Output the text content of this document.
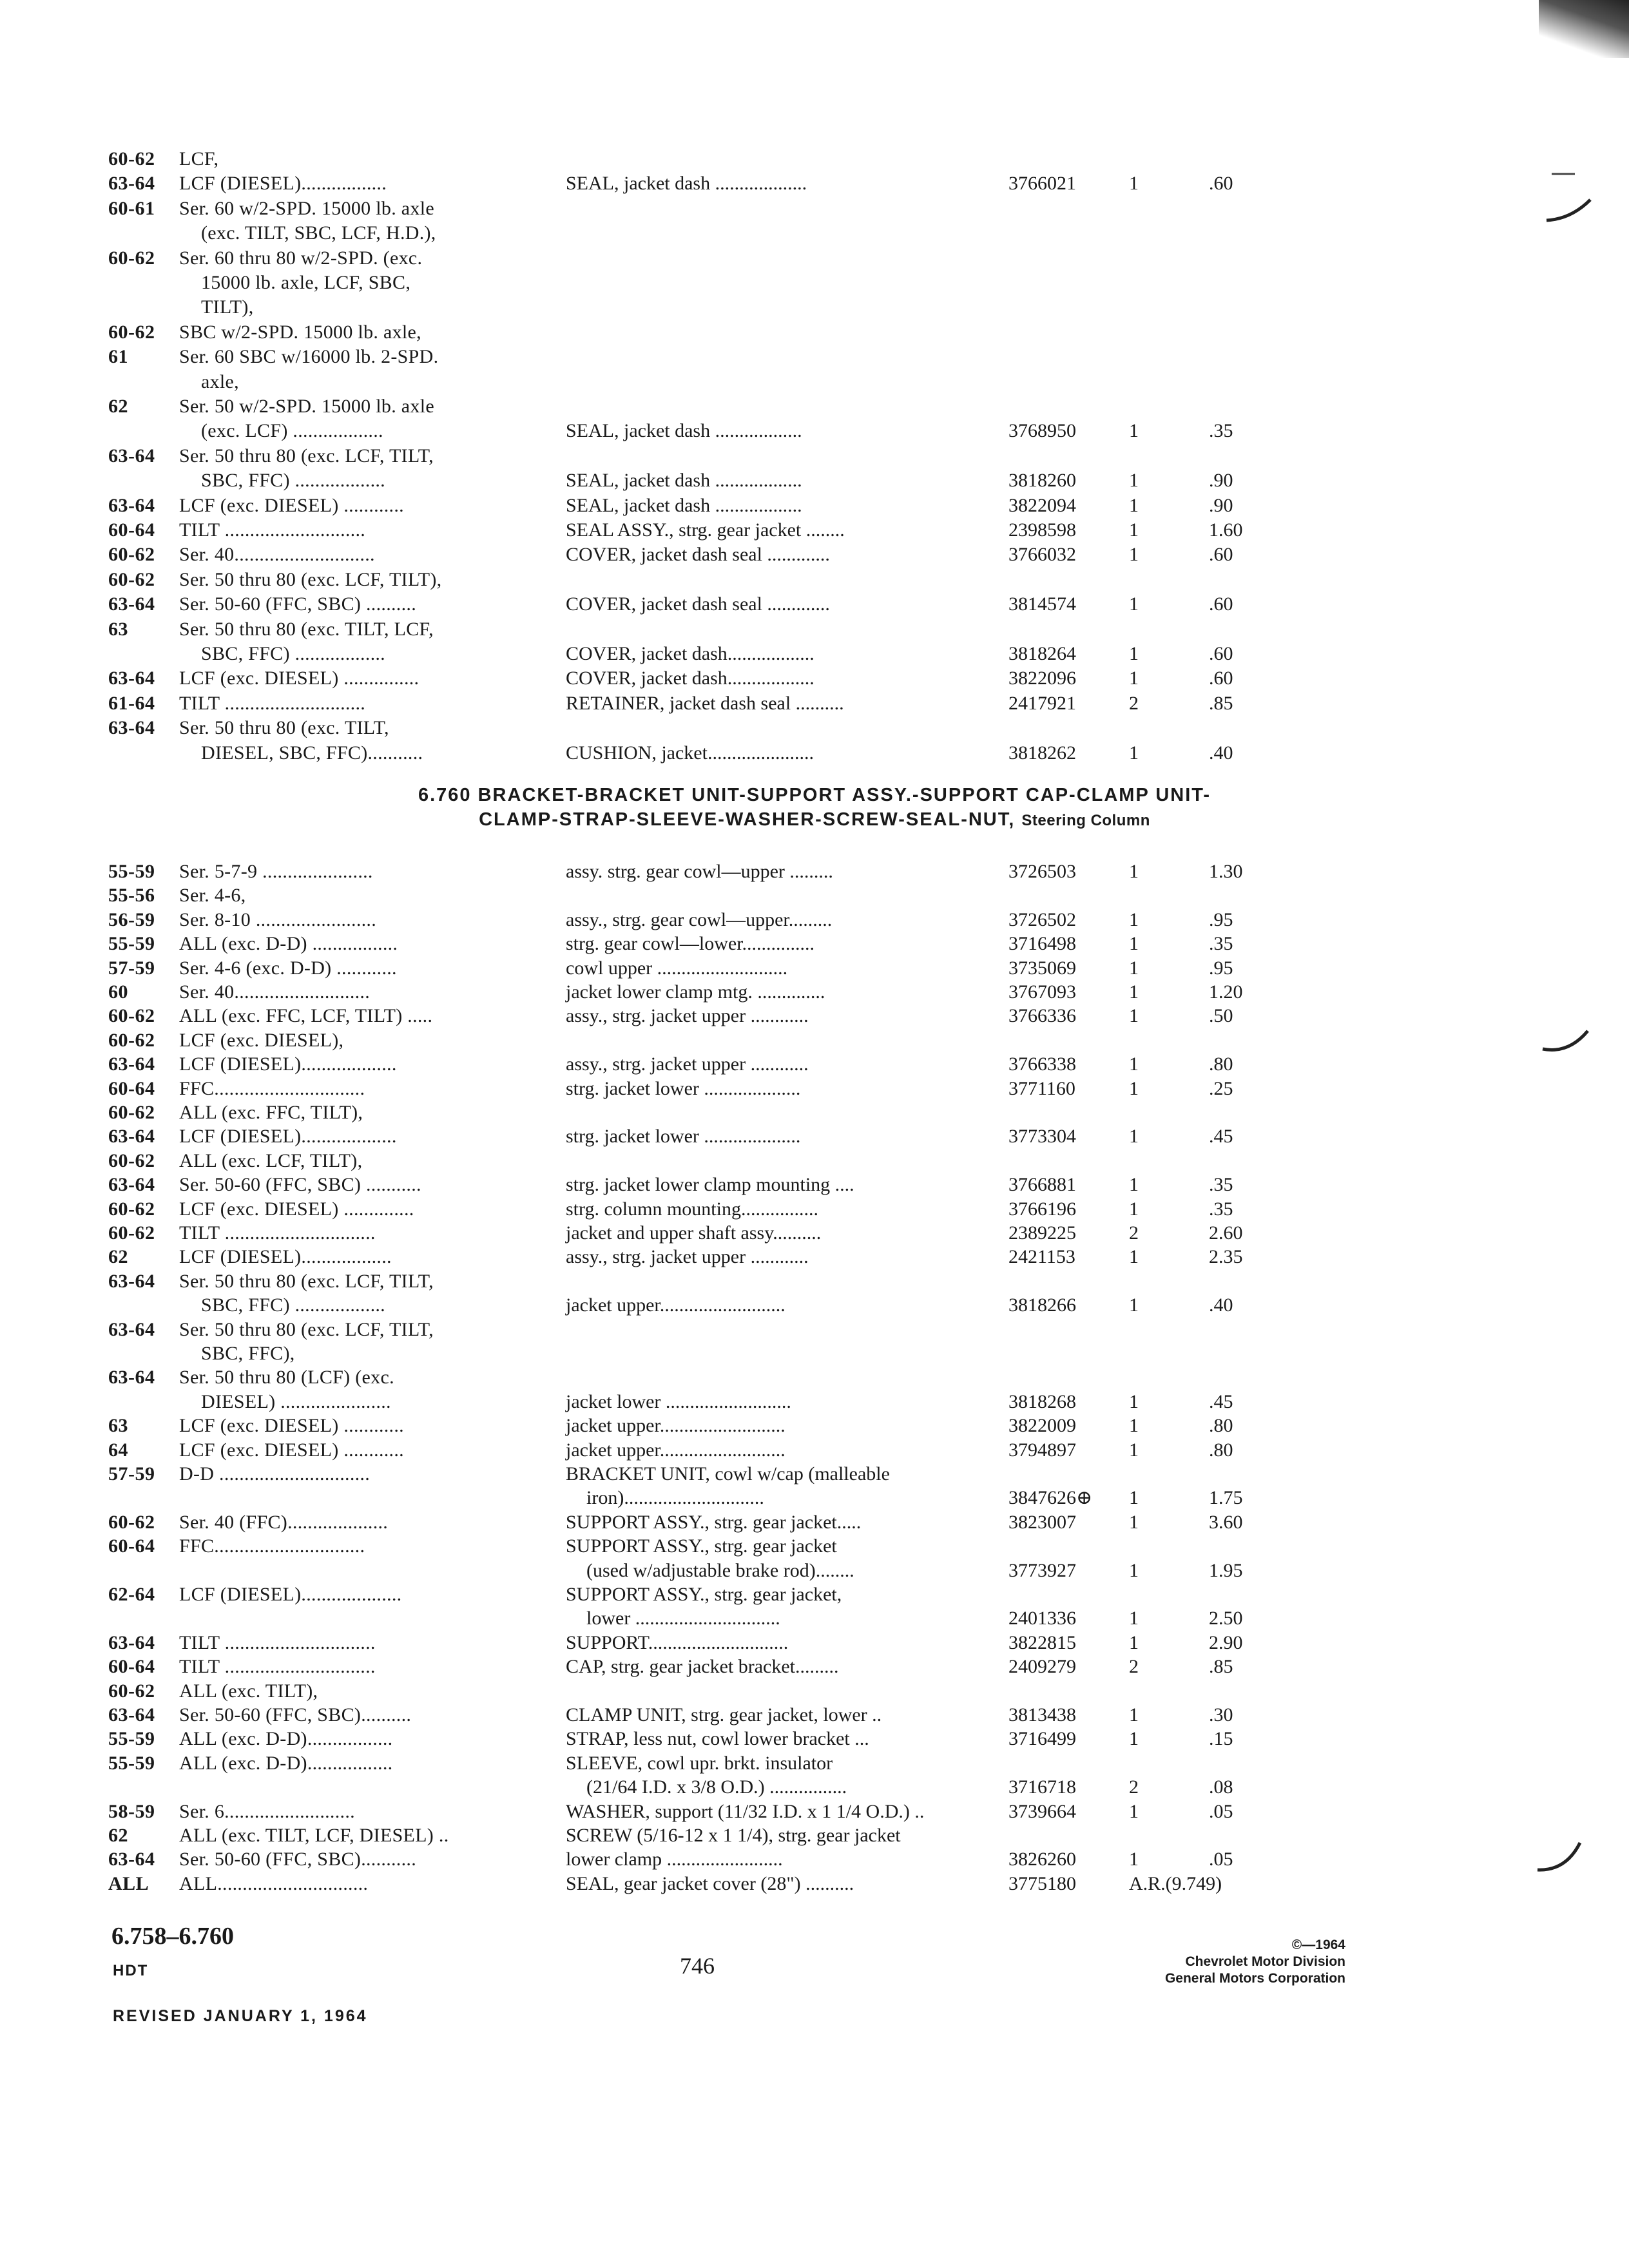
60-62 LCF,
63-64 LCF (DIESEL).................	SEAL, jacket dash ...................	3766021	1	.60
60-61 Ser. 60 w/2-SPD. 15000 lb. axle
(exc. TILT, SBC, LCF, H.D.),
60-62 Ser. 60 thru 80 w/2-SPD. (exc.
15000 lb. axle, LCF, SBC,
TILT),
60-62 SBC w/2-SPD. 15000 lb. axle,
61	Ser. 60 SBC w/16000 lb. 2-SPD.
axle,
62	Ser. 50 w/2-SPD. 15000 lb. axle
(exc. LCF) ..................	SEAL, jacket dash ..................	3768950	1	.35
63-64 Ser. 50 thru 80 (exc. LCF, TILT,
SBC, FFC) ..................	SEAL, jacket dash ..................	3818260	1	.90
63-64 LCF (exc. DIESEL) ............	SEAL, jacket dash ..................	3822094	1	.90
60-64 TILT ............................	SEAL ASSY., strg. gear jacket ........	2398598	1	1.60
60-62 Ser. 40............................	COVER, jacket dash seal .............	3766032	1	.60
60-62 Ser. 50 thru 80 (exc. LCF, TILT),
63-64 Ser. 50-60 (FFC, SBC) ..........	COVER, jacket dash seal .............	3814574	1	.60
63	Ser. 50 thru 80 (exc. TILT, LCF,
SBC, FFC) ..................	COVER, jacket dash..................	3818264	1	.60
63-64 LCF (exc. DIESEL) ...............	COVER, jacket dash..................	3822096	1	.60
61-64 TILT ............................	RETAINER, jacket dash seal ..........	2417921	2	.85
63-64 Ser. 50 thru 80 (exc. TILT,
DIESEL, SBC, FFC)...........	CUSHION, jacket......................	3818262	1	.40
6.760 BRACKET-BRACKET UNIT-SUPPORT ASSY.-SUPPORT CAP-CLAMP UNIT-
CLAMP-STRAP-SLEEVE-WASHER-SCREW-SEAL-NUT, Steering Column
55-59 Ser. 5-7-9 ......................	assy. strg. gear cowl—upper .........	3726503	1	1.30
55-56 Ser. 4-6,
56-59 Ser. 8-10 ........................	assy., strg. gear cowl—upper.........	3726502	1	.95
55-59 ALL (exc. D-D) .................	strg. gear cowl—lower...............	3716498	1	.35
57-59 Ser. 4-6 (exc. D-D) ............	cowl upper ...........................	3735069	1	.95
60	Ser. 40...........................	jacket lower clamp mtg. ..............	3767093	1	1.20
60-62 ALL (exc. FFC, LCF, TILT) .....	assy., strg. jacket upper ............	3766336	1	.50
60-62 LCF (exc. DIESEL),
63-64 LCF (DIESEL)...................	assy., strg. jacket upper ............	3766338	1	.80
60-64 FFC..............................	strg. jacket lower ....................	3771160	1	.25
60-62 ALL (exc. FFC, TILT),
63-64 LCF (DIESEL)...................	strg. jacket lower ....................	3773304	1	.45
60-62 ALL (exc. LCF, TILT),
63-64 Ser. 50-60 (FFC, SBC) ...........	strg. jacket lower clamp mounting ....	3766881	1	.35
60-62 LCF (exc. DIESEL) ..............	strg. column mounting................	3766196	1	.35
60-62 TILT ..............................	jacket and upper shaft assy..........	2389225	2	2.60
62	LCF (DIESEL)..................	assy., strg. jacket upper ............	2421153	1	2.35
63-64 Ser. 50 thru 80 (exc. LCF, TILT,
SBC, FFC) ..................	jacket upper..........................	3818266	1	.40
63-64 Ser. 50 thru 80 (exc. LCF, TILT,
SBC, FFC),
63-64 Ser. 50 thru 80 (LCF) (exc.
DIESEL) ......................	jacket lower ..........................	3818268	1	.45
63	LCF (exc. DIESEL) ............	jacket upper..........................	3822009	1	.80
64	LCF (exc. DIESEL) ............	jacket upper..........................	3794897	1	.80
57-59 D-D ..............................	BRACKET UNIT, cowl w/cap (malleable
iron).............................	3847626⊕ 1	1.75
60-62 Ser. 40 (FFC)....................	SUPPORT ASSY., strg. gear jacket.....	3823007	1	3.60
60-64 FFC..............................	SUPPORT ASSY., strg. gear jacket
(used w/adjustable brake rod)........	3773927	1	1.95
62-64 LCF (DIESEL)....................	SUPPORT ASSY., strg. gear jacket,
lower ..............................	2401336	1	2.50
63-64 TILT ..............................	SUPPORT.............................	3822815	1	2.90
60-64 TILT ..............................	CAP, strg. gear jacket bracket.........	2409279	2	.85
60-62 ALL (exc. TILT),
63-64 Ser. 50-60 (FFC, SBC)..........	CLAMP UNIT, strg. gear jacket, lower ..	3813438	1	.30
55-59 ALL (exc. D-D).................	STRAP, less nut, cowl lower bracket ...	3716499	1	.15
55-59 ALL (exc. D-D).................	SLEEVE, cowl upr. brkt. insulator
(21/64 I.D. x 3/8 O.D.) ................	3716718	2	.08
58-59 Ser. 6..........................	WASHER, support (11/32 I.D. x 1 1/4 O.D.) ..	3739664	1	.05
62	ALL (exc. TILT, LCF, DIESEL) ..	SCREW (5/16-12 x 1 1/4), strg. gear jacket
63-64 Ser. 50-60 (FFC, SBC)...........	lower clamp ........................	3826260	1	.05
ALL ALL..............................	SEAL, gear jacket cover (28") ..........	3775180	A.R.(9.749)
6.758–6.760
HDT	746
©—1964
Chevrolet Motor Division
General Motors Corporation
REVISED JANUARY 1, 1964
